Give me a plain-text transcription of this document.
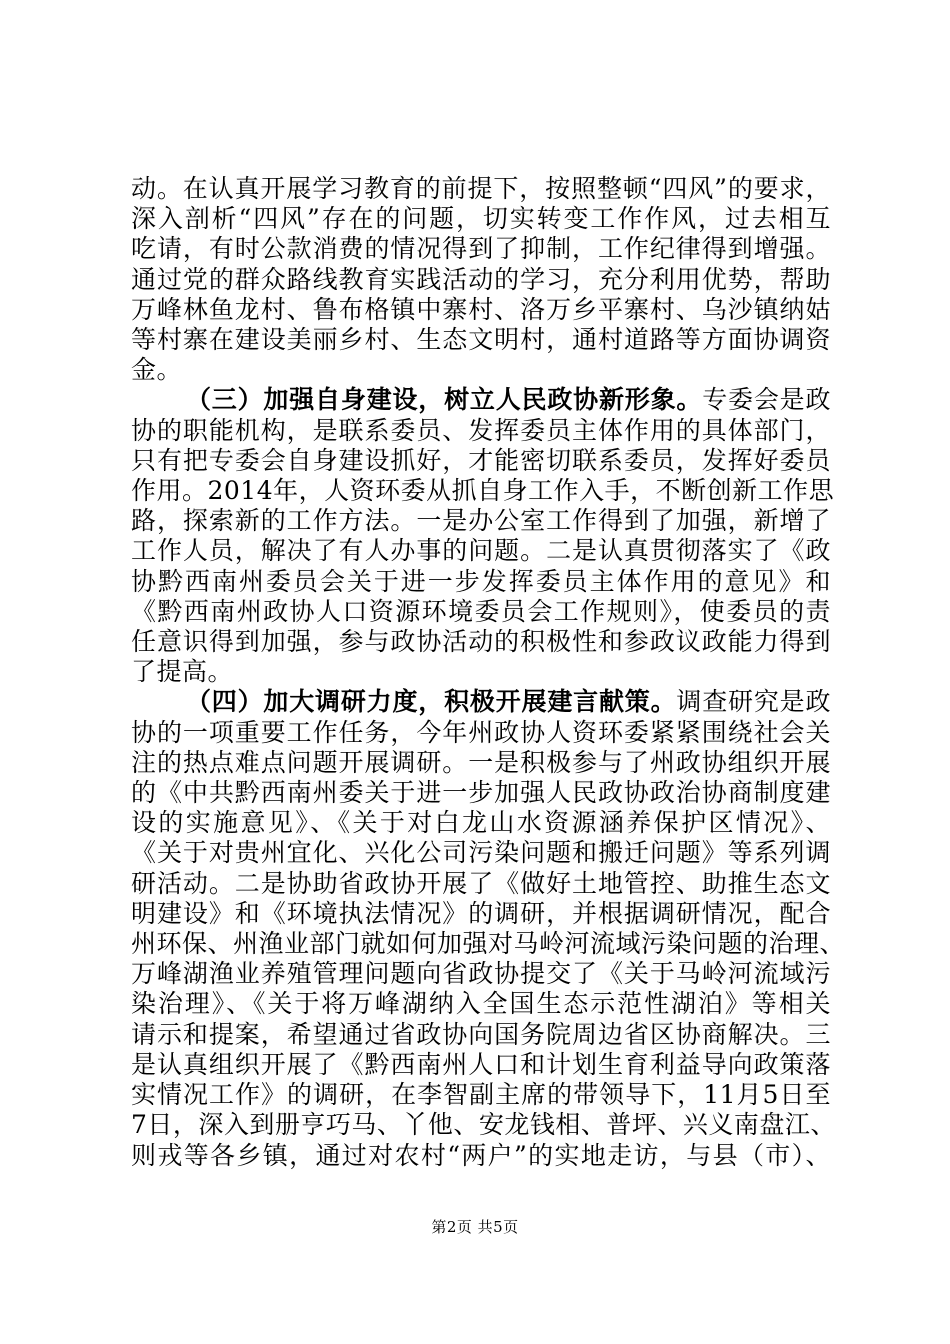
动。在认真开展学习教育的前提下，按照整顿“四风”的要求，
深入剖析“四风”存在的问题，切实转变工作作风，过去相互
吃请，有时公款消费的情况得到了抑制，工作纪律得到增强。
通过党的群众路线教育实践活动的学习，充分利用优势，帮助
万峰林鱼龙村、鲁布格镇中寨村、洛万乡平寨村、乌沙镇纳姑
等村寨在建设美丽乡村、生态文明村，通村道路等方面协调资
金。
（三）加强自身建设，树立人民政协新形象。专委会是政
协的职能机构，是联系委员、发挥委员主体作用的具体部门，
只有把专委会自身建设抓好，才能密切联系委员，发挥好委员
作用。2014年，人资环委从抓自身工作入手，不断创新工作思
路，探索新的工作方法。一是办公室工作得到了加强，新增了
工作人员，解决了有人办事的问题。二是认真贯彻落实了《政
协黔西南州委员会关于进一步发挥委员主体作用的意见》和
《黔西南州政协人口资源环境委员会工作规则》，使委员的责
任意识得到加强，参与政协活动的积极性和参政议政能力得到
了提高。
（四）加大调研力度，积极开展建言献策。调查研究是政
协的一项重要工作任务，今年州政协人资环委紧紧围绕社会关
注的热点难点问题开展调研。一是积极参与了州政协组织开展
的《中共黔西南州委关于进一步加强人民政协政治协商制度建
设的实施意见》、《关于对白龙山水资源涵养保护区情况》、
《关于对贵州宜化、兴化公司污染问题和搬迁问题》等系列调
研活动。二是协助省政协开展了《做好土地管控、助推生态文
明建设》和《环境执法情况》的调研，并根据调研情况，配合
州环保、州渔业部门就如何加强对马岭河流域污染问题的治理、
万峰湖渔业养殖管理问题向省政协提交了《关于马岭河流域污
染治理》、《关于将万峰湖纳入全国生态示范性湖泊》等相关
请示和提案，希望通过省政协向国务院周边省区协商解决。三
是认真组织开展了《黔西南州人口和计划生育利益导向政策落
实情况工作》的调研，在李智副主席的带领导下，11月5日至
7日，深入到册亨巧马、丫他、安龙钱相、普坪、兴义南盘江、
则戎等各乡镇，通过对农村“两户”的实地走访，与县（市）、
第2页 共5页
